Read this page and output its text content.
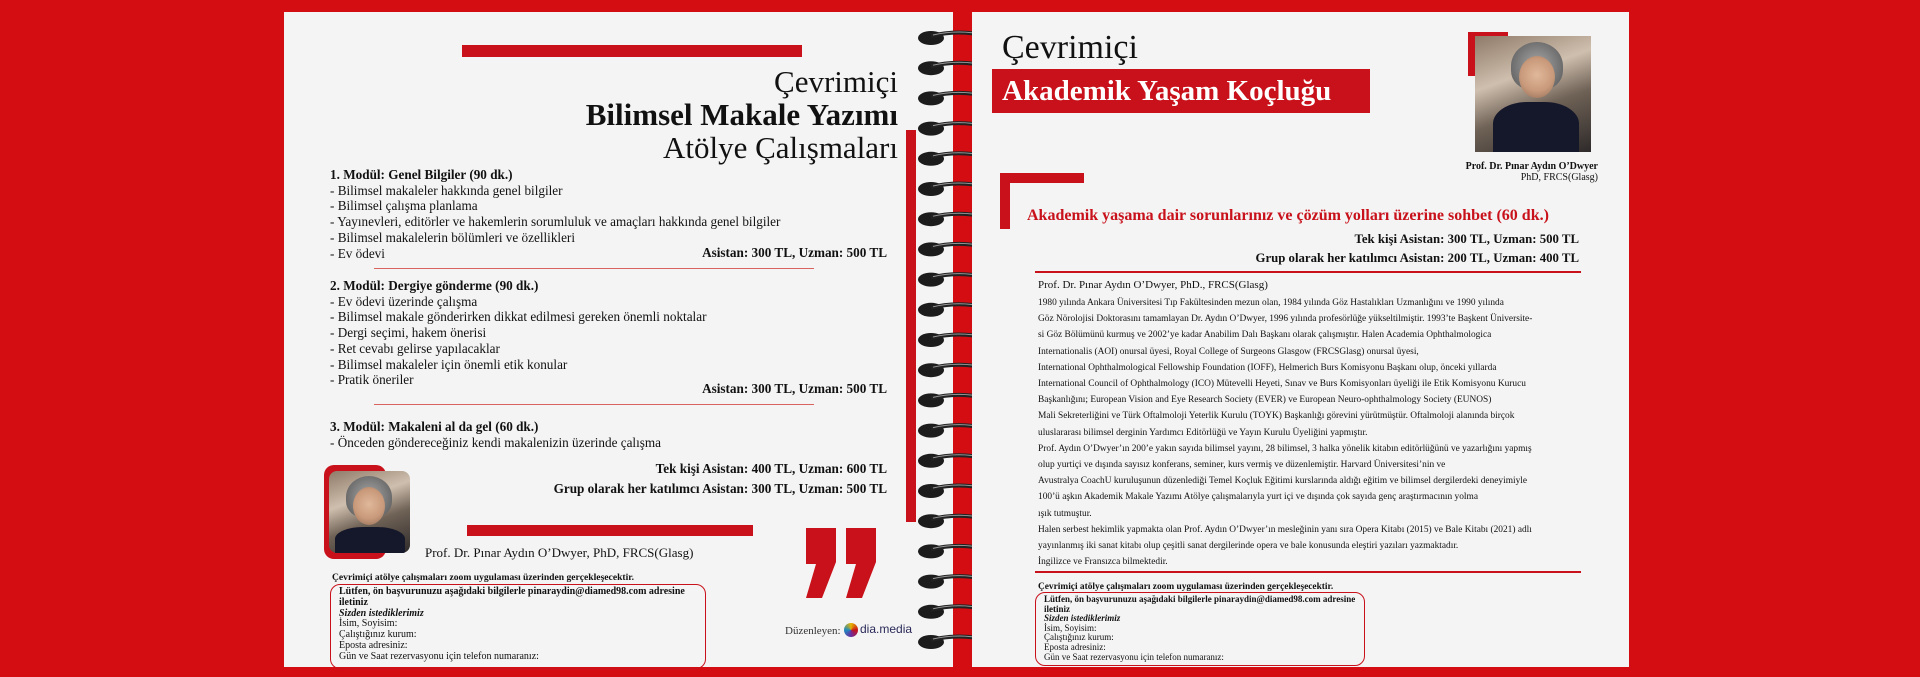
Çevrimiçi
Bilimsel Makale Yazımı
Atölye Çalışmaları
1. Modül: Genel Bilgiler (90 dk.)
- Bilimsel makaleler hakkında genel bilgiler
- Bilimsel çalışma planlama
- Yayınevleri, editörler ve hakemlerin sorumluluk ve amaçları hakkında genel bilgiler
- Bilimsel makalelerin bölümleri ve özellikleri
- Ev ödevi	Asistan: 300 TL, Uzman: 500 TL
2. Modül: Dergiye gönderme (90 dk.)
- Ev ödevi üzerinde çalışma
- Bilimsel makale gönderirken dikkat edilmesi gereken önemli noktalar
- Dergi seçimi, hakem önerisi
- Ret cevabı gelirse yapılacaklar
- Bilimsel makaleler için önemli etik konular
- Pratik öneriler
Asistan: 300 TL, Uzman: 500 TL
3. Modül: Makaleni al da gel (60 dk.)
- Önceden göndereceğiniz kendi makalenizin üzerinde çalışma
Tek kişi Asistan: 400 TL, Uzman: 600 TL
Grup olarak her katılımcı Asistan: 300 TL, Uzman: 500 TL
Prof. Dr. Pınar Aydın O’Dwyer, PhD, FRCS(Glasg)
Çevrimiçi atölye çalışmaları zoom uygulaması üzerinden gerçekleşecektir.
Lütfen, ön başvurunuzu aşağıdaki bilgilerle pinaraydin@diamed98.com adresine iletiniz
Sizden istediklerimiz
İsim, Soyisim:
Çalıştığınız kurum:
Eposta adresiniz:
Gün ve Saat rezervasyonu için telefon numaranız:
Düzenleyen:	dia.media
Çevrimiçi
Akademik Yaşam Koçluğu
Prof. Dr. Pınar Aydın O’Dwyer
PhD, FRCS(Glasg)
Akademik yaşama dair sorunlarınız ve çözüm yolları üzerine sohbet (60 dk.)
Tek kişi Asistan: 300 TL, Uzman: 500 TL
Grup olarak her katılımcı Asistan: 200 TL, Uzman: 400 TL
Prof. Dr. Pınar Aydın O’Dwyer, PhD., FRCS(Glasg)
1980 yılında Ankara Üniversitesi Tıp Fakültesinden mezun olan, 1984 yılında Göz Hastalıkları Uzmanlığını ve 1990 yılında
Göz Nörolojisi Doktorasını tamamlayan Dr. Aydın O’Dwyer, 1996 yılında profesörlüğe yükseltilmiştir. 1993’te Başkent Üniversite-
si Göz Bölümünü kurmuş ve 2002’ye kadar Anabilim Dalı Başkanı olarak çalışmıştır. Halen Academia Ophthalmologica
Internationalis (AOI) onursal üyesi, Royal College of Surgeons Glasgow (FRCSGlasg) onursal üyesi,
International Ophthalmological Fellowship Foundation (IOFF), Helmerich Burs Komisyonu Başkanı olup, önceki yıllarda
International Council of Ophthalmology (ICO) Mütevelli Heyeti, Sınav ve Burs Komisyonları üyeliği ile Etik Komisyonu Kurucu
Başkanlığını; European Vision and Eye Research Society (EVER) ve European Neuro-ophthalmology Society (EUNOS)
Mali Sekreterliğini ve Türk Oftalmoloji Yeterlik Kurulu (TOYK) Başkanlığı görevini yürütmüştür. Oftalmoloji alanında birçok
uluslararası bilimsel derginin Yardımcı Editörlüğü ve Yayın Kurulu Üyeliğini yapmıştır.
Prof. Aydın O’Dwyer’ın 200’e yakın sayıda bilimsel yayını, 28 bilimsel, 3 halka yönelik kitabın editörlüğünü ve yazarlığını yapmış
olup yurtiçi ve dışında sayısız konferans, seminer, kurs vermiş ve düzenlemiştir. Harvard Üniversitesi’nin ve
Avustralya CoachU kuruluşunun düzenlediği Temel Koçluk Eğitimi kurslarında aldığı eğitim ve bilimsel dergilerdeki deneyimiyle
100’ü aşkın Akademik Makale Yazımı Atölye çalışmalarıyla yurt içi ve dışında çok sayıda genç araştırmacının yolma
ışık tutmuştur.
Halen serbest hekimlik yapmakta olan Prof. Aydın O’Dwyer’ın mesleğinin yanı sıra Opera Kitabı (2015) ve Bale Kitabı (2021) adlı
yayınlanmış iki sanat kitabı olup çeşitli sanat dergilerinde opera ve bale konusunda eleştiri yazıları yazmaktadır.
İngilizce ve Fransızca bilmektedir.
Çevrimiçi atölye çalışmaları zoom uygulaması üzerinden gerçekleşecektir.
Lütfen, ön başvurunuzu aşağıdaki bilgilerle pinaraydin@diamed98.com adresine iletiniz
Sizden istediklerimiz
İsim, Soyisim:
Çalıştığınız kurum:
Eposta adresiniz:
Gün ve Saat rezervasyonu için telefon numaranız:
